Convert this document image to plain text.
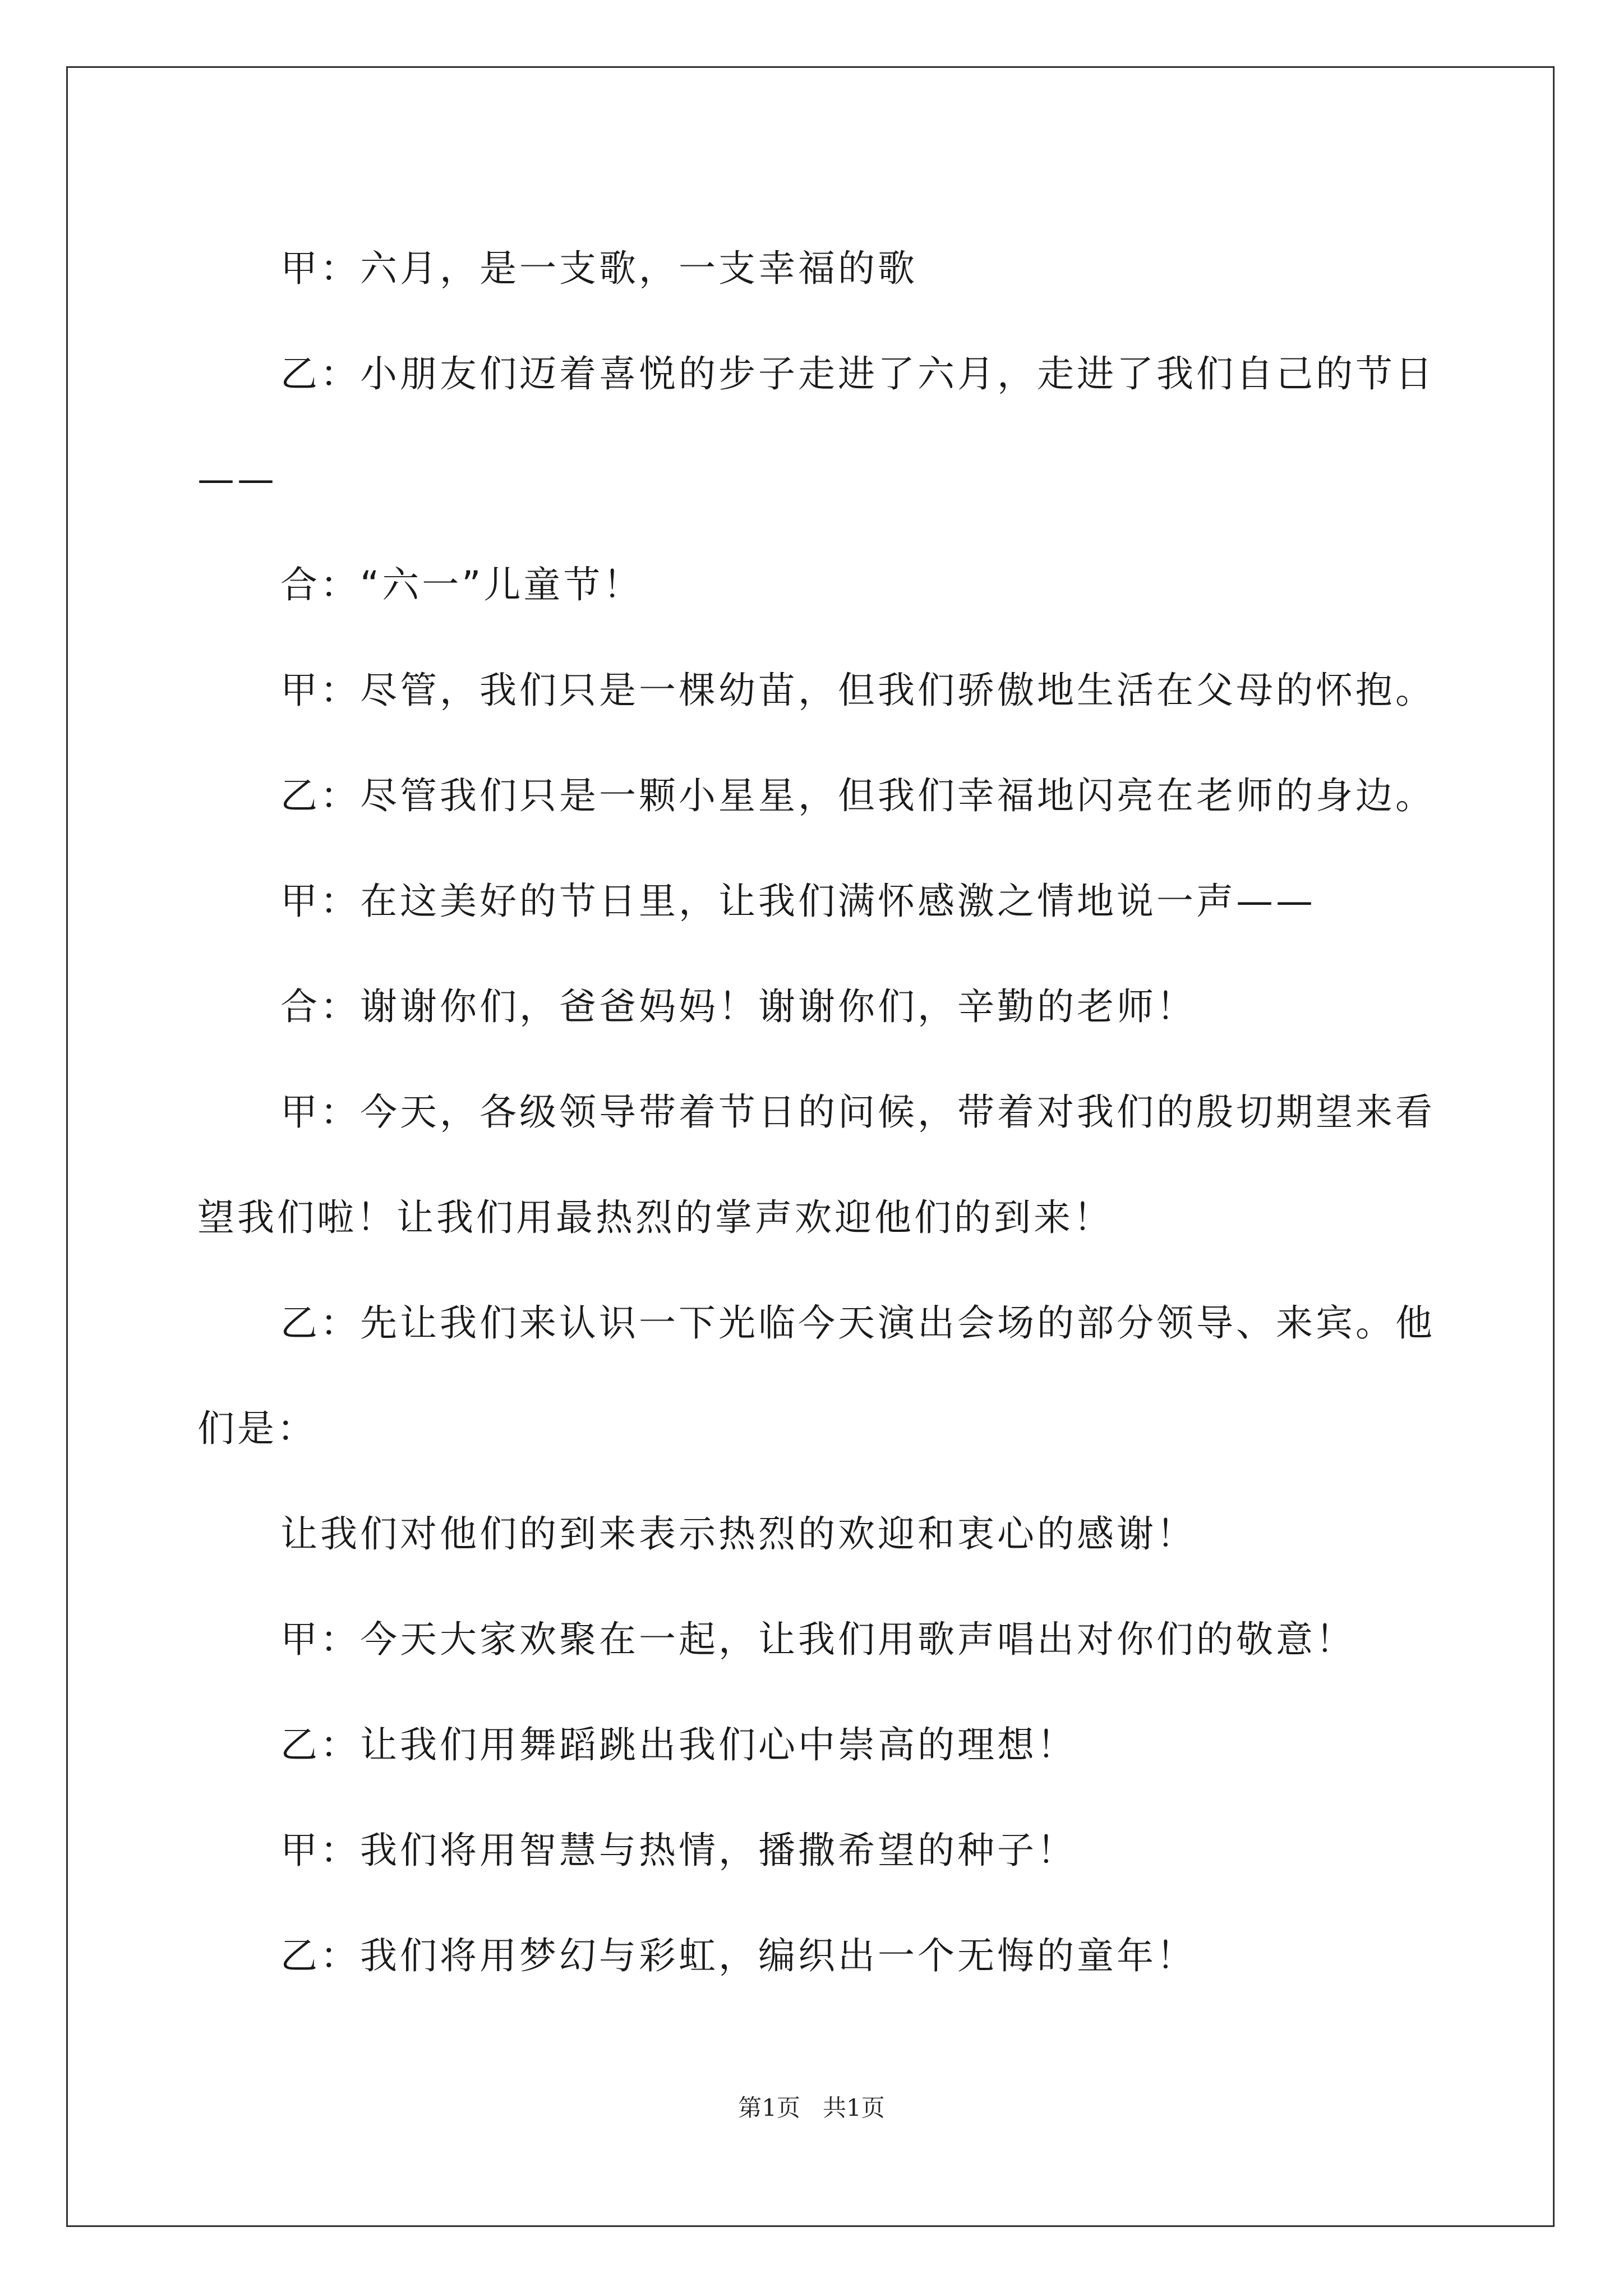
甲：六月，是一支歌，一支幸福的歌

乙：小朋友们迈着喜悦的步子走进了六月，走进了我们自己的节日——

合：“六一”儿童节！

甲：尽管，我们只是一棵幼苗，但我们骄傲地生活在父母的怀抱。

乙：尽管我们只是一颗小星星，但我们幸福地闪亮在老师的身边。

甲：在这美好的节日里，让我们满怀感激之情地说一声——

合：谢谢你们，爸爸妈妈！谢谢你们，辛勤的老师！

甲：今天，各级领导带着节日的问候，带着对我们的殷切期望来看望我们啦！让我们用最热烈的掌声欢迎他们的到来！

乙：先让我们来认识一下光临今天演出会场的部分领导、来宾。他们是：

让我们对他们的到来表示热烈的欢迎和衷心的感谢！

甲：今天大家欢聚在一起，让我们用歌声唱出对你们的敬意！

乙：让我们用舞蹈跳出我们心中崇高的理想！

甲：我们将用智慧与热情，播撒希望的种子！

乙：我们将用梦幻与彩虹，编织出一个无悔的童年！

第1页 共1页
